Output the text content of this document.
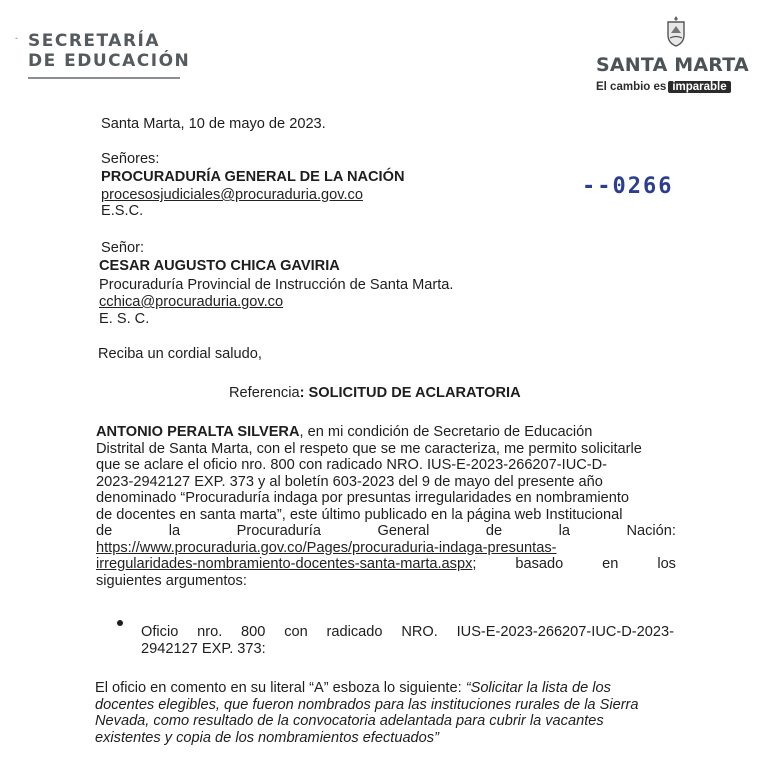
- SECRETARÍA
DE EDUCACIÓN	SANTA MARTA
El cambio es imparable
Santa Marta, 10 de mayo de 2023.
Señores:
PROCURADURÍA GENERAL DE LA NACIÓN
procesosjudiciales@procuraduria.gov.co
E.S.C.
--0266
Señor:
CESAR AUGUSTO CHICA GAVIRIA
Procuraduría Provincial de Instrucción de Santa Marta.
cchica@procuraduria.gov.co
E. S. C.
Reciba un cordial saludo,
Referencia: SOLICITUD DE ACLARATORIA
ANTONIO PERALTA SILVERA, en mi condición de Secretario de Educación
Distrital de Santa Marta, con el respeto que se me caracteriza, me permito solicitarle
que se aclare el oficio nro. 800 con radicado NRO. IUS-E-2023-266207-IUC-D-
2023-2942127 EXP. 373 y al boletín 603-2023 del 9 de mayo del presente año
denominado “Procuraduría indaga por presuntas irregularidades en nombramiento
de docentes en santa marta”, este último publicado en la página web Institucional
de	la	Procuraduría	General	de	la	Nación:
https://www.procuraduria.gov.co/Pages/procuraduria-indaga-presuntas-
irregularidades-nombramiento-docentes-santa-marta.aspx;	basado	en	los
siguientes argumentos:
Oficio nro. 800 con radicado NRO. IUS-E-2023-266207-IUC-D-2023-
2942127 EXP. 373:
El oficio en comento en su literal “A” esboza lo siguiente: “Solicitar la lista de los
docentes elegibles, que fueron nombrados para las instituciones rurales de la Sierra
Nevada, como resultado de la convocatoria adelantada para cubrir la vacantes
existentes y copia de los nombramientos efectuados”
